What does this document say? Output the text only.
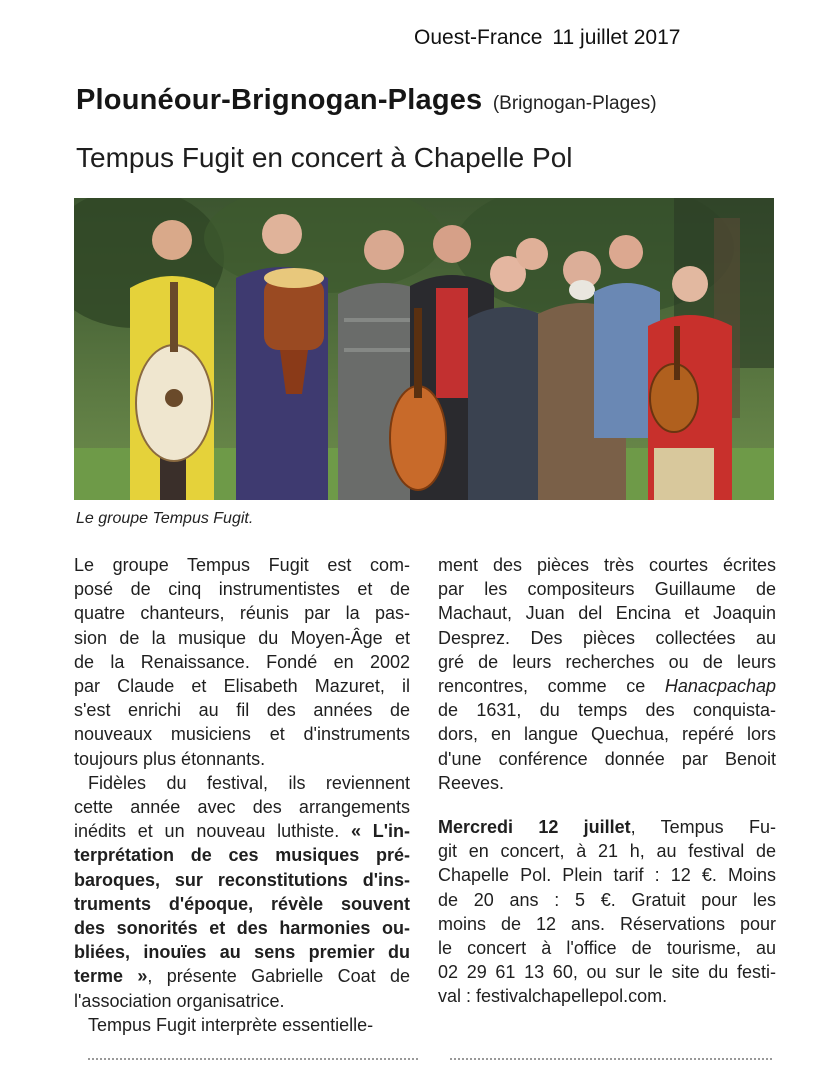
Ouest-France 11 juillet 2017
Plounéour-Brignogan-Plages (Brignogan-Plages)
Tempus Fugit en concert à Chapelle Pol
Le groupe Tempus Fugit.
Le groupe Tempus Fugit est com-
posé de cinq instrumentistes et de
quatre chanteurs, réunis par la pas-
sion de la musique du Moyen-Âge et
de la Renaissance. Fondé en 2002
par Claude et Elisabeth Mazuret, il
s'est enrichi au fil des années de
nouveaux musiciens et d'instruments
toujours plus étonnants.
Fidèles du festival, ils reviennent
cette année avec des arrangements
inédits et un nouveau luthiste. « L'in-
terprétation de ces musiques pré-
baroques, sur reconstitutions d'ins-
truments d'époque, révèle souvent
des sonorités et des harmonies ou-
bliées, inouïes au sens premier du
terme », présente Gabrielle Coat de
l'association organisatrice.
Tempus Fugit interprète essentielle-
ment des pièces très courtes écrites
par les compositeurs Guillaume de
Machaut, Juan del Encina et Joaquin
Desprez. Des pièces collectées au
gré de leurs recherches ou de leurs
rencontres, comme ce Hanacpachap
de 1631, du temps des conquista-
dors, en langue Quechua, repéré lors
d'une conférence donnée par Benoit
Reeves.
Mercredi 12 juillet, Tempus Fu-
git en concert, à 21 h, au festival de
Chapelle Pol. Plein tarif : 12 €. Moins
de 20 ans : 5 €. Gratuit pour les
moins de 12 ans. Réservations pour
le concert à l'office de tourisme, au
02 29 61 13 60, ou sur le site du festi-
val : festivalchapellepol.com.
